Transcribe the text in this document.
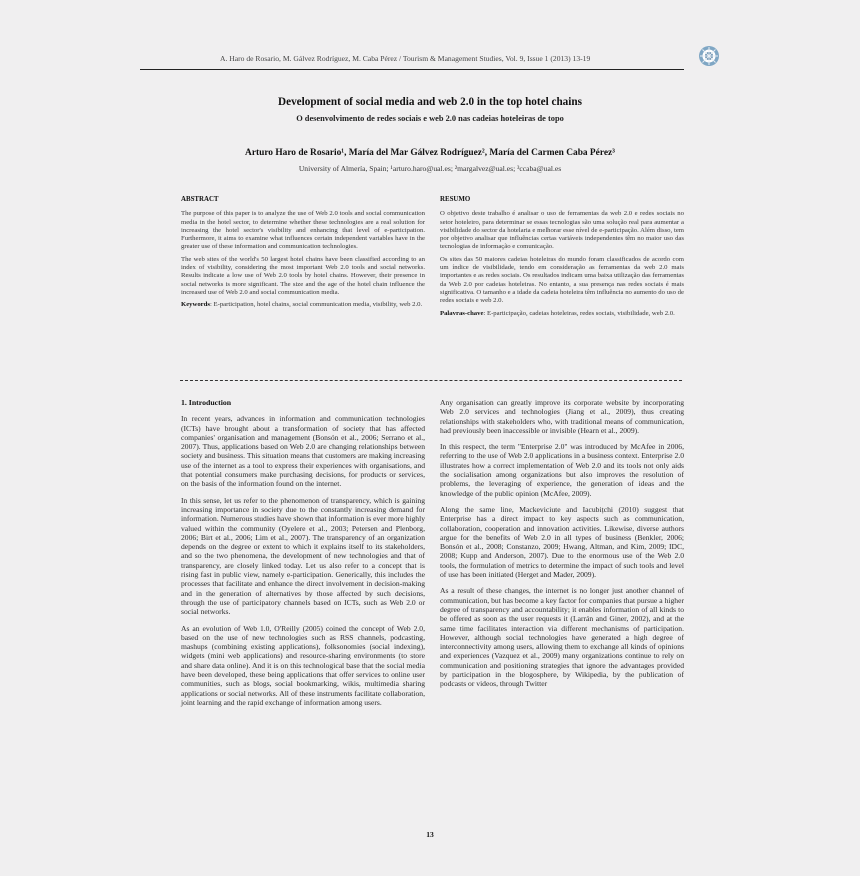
A. Haro de Rosario, M. Gálvez Rodríguez, M. Caba Pérez / Tourism & Management Studies, Vol. 9, Issue 1 (2013) 13-19
Development of social media and web 2.0 in the top hotel chains
O desenvolvimento de redes sociais e web 2.0 nas cadeias hoteleiras de topo
Arturo Haro de Rosario¹, María del Mar Gálvez Rodríguez², María del Carmen Caba Pérez³
University of Almería, Spain; ¹arturo.haro@ual.es; ²margalvez@ual.es; ³ccaba@ual.es
ABSTRACT

The purpose of this paper is to analyze the use of Web 2.0 tools and social communication media in the hotel sector, to determine whether these technologies are a real solution for increasing the hotel sector's visibility and enhancing that level of e-participation. Furthermore, it aims to examine what influences certain independent variables have in the greater use of these information and communication technologies.

The web sites of the world's 50 largest hotel chains have been classified according to an index of visibility, considering the most important Web 2.0 tools and social networks. Results indicate a low use of Web 2.0 tools by hotel chains. However, their presence in social networks is more significant. The size and the age of the hotel chain influence the increased use of Web 2.0 and social communication media.

Keywords: E-participation, hotel chains, social communication media, visibility, web 2.0.

RESUMO

O objetivo deste trabalho é analisar o uso de ferramentas da web 2.0 e redes sociais no setor hoteleiro, para determinar se essas tecnologias são uma solução real para aumentar a visibilidade do sector da hotelaria e melhorar esse nível de e-participação. Além disso, tem por objetivo analisar que influências certas variáveis independentes têm no maior uso das tecnologias de informação e comunicação.

Os sites das 50 maiores cadeias hoteleiras do mundo foram classificados de acordo com um índice de visibilidade, tendo em consideração as ferramentas da web 2.0 mais importantes e as redes sociais. Os resultados indicam uma baixa utilização das ferramentas da Web 2.0 por cadeias hoteleiras. No entanto, a sua presença nas redes sociais é mais significativa. O tamanho e a idade da cadeia hoteleira têm influência no aumento do uso de redes sociais e web 2.0.

Palavras-chave: E-participação, cadeias hoteleiras, redes sociais, visibilidade, web 2.0.

1. Introduction

In recent years, advances in information and communication technologies (ICTs) have brought about a transformation of society that has affected companies' organisation and management (Bonsón et al., 2006; Serrano et al., 2007). Thus, applications based on Web 2.0 are changing relationships between society and business. This situation means that customers are making increasing use of the internet as a tool to express their experiences with organisations, and that potential consumers make purchasing decisions, for products or services, on the basis of the information found on the internet.

In this sense, let us refer to the phenomenon of transparency, which is gaining increasing importance in society due to the constantly increasing demand for information. Numerous studies have shown that information is ever more highly valued within the community (Oyelere et al., 2003; Petersen and Plenborg, 2006; Birt et al., 2006; Lim et al., 2007). The transparency of an organization depends on the degree or extent to which it explains itself to its stakeholders, and so the two phenomena, the development of new technologies and that of transparency, are closely linked today. Let us also refer to a concept that is rising fast in public view, namely e-participation. Generically, this includes the processes that facilitate and enhance the direct involvement in decision-making and in the generation of alternatives by those affected by such decisions, through the use of participatory channels based on ICTs, such as Web 2.0 or social networks.

As an evolution of Web 1.0, O'Reilly (2005) coined the concept of Web 2.0, based on the use of new technologies such as RSS channels, podcasting, mashups (combining existing applications), folksonomies (social indexing), widgets (mini web applications) and resource-sharing environments (to store and share data online). And it is on this technological base that the social media have been developed, these being applications that offer services to online user communities, such as blogs, social bookmarking, wikis, multimedia sharing applications or social networks. All of these instruments facilitate collaboration, joint learning and the rapid exchange of information among users.

Any organisation can greatly improve its corporate website by incorporating Web 2.0 services and technologies (Jiang et al., 2009), thus creating relationships with stakeholders who, with traditional means of communication, had previously been inaccessible or invisible (Hearn et al., 2009).

In this respect, the term "Enterprise 2.0" was introduced by McAfee in 2006, referring to the use of Web 2.0 applications in a business context. Enterprise 2.0 illustrates how a correct implementation of Web 2.0 and its tools not only aids the socialisation among organizations but also improves the resolution of problems, the leveraging of experience, the generation of ideas and the knowledge of the public opinion (McAfee, 2009).

Along the same line, Mackeviciute and Iacubițchi (2010) suggest that Enterprise has a direct impact to key aspects such as communication, collaboration, cooperation and innovation activities. Likewise, diverse authors argue for the benefits of Web 2.0 in all types of business (Benkler, 2006; Bonsón et al., 2008; Constanzo, 2009; Hwang, Altman, and Kim, 2009; IDC, 2008; Kupp and Anderson, 2007). Due to the enormous use of the Web 2.0 tools, the formulation of metrics to determine the impact of such tools and level of use has been initiated (Herget and Mader, 2009).

As a result of these changes, the internet is no longer just another channel of communication, but has become a key factor for companies that pursue a higher degree of transparency and accountability; it enables information of all kinds to be offered as soon as the user requests it (Larrán and Giner, 2002), and at the same time facilitates interaction via different mechanisms of participation. However, although social technologies have generated a high degree of interconnectivity among users, allowing them to exchange all kinds of opinions and experiences (Vazquez et al., 2009) many organizations continue to rely on communication and positioning strategies that ignore the advantages provided by participation in the blogosphere, by Wikipedia, by the publication of podcasts or videos, through Twitter

13
